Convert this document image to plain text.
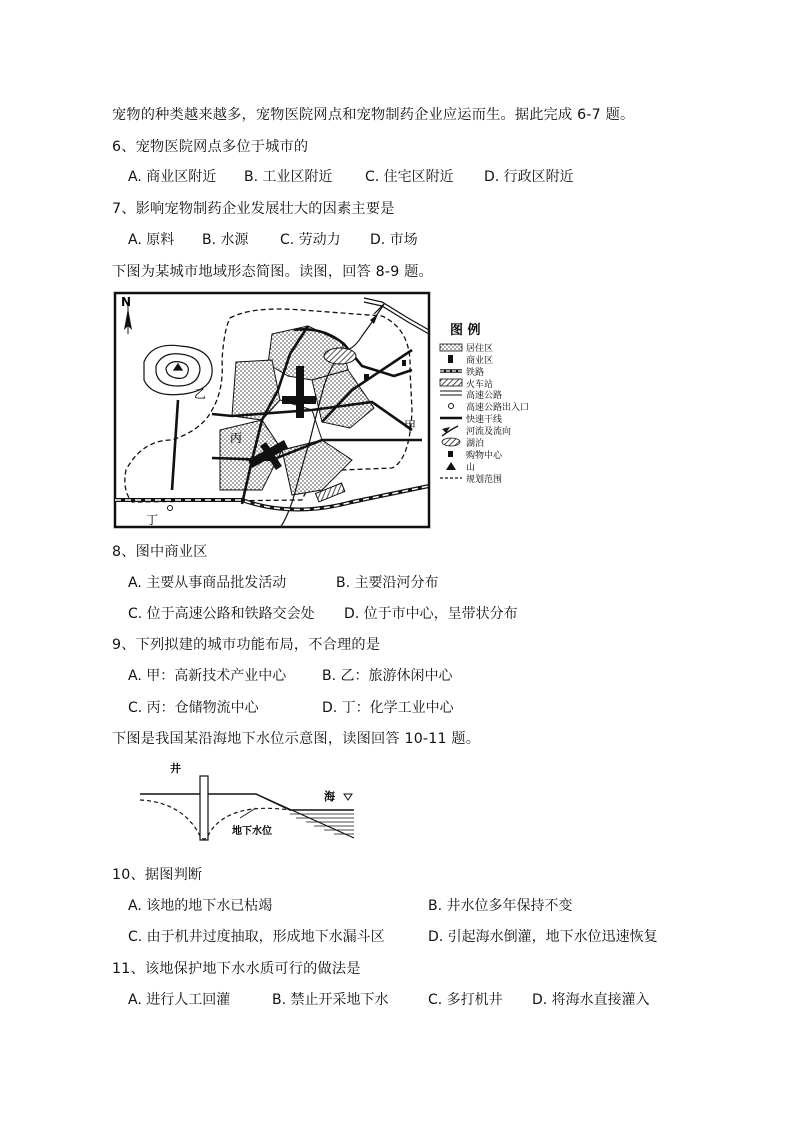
宠物的种类越来越多，宠物医院网点和宠物制药企业应运而生。据此完成 6-7 题。
6、宠物医院网点多位于城市的
A. 商业区附近 B. 工业区附近 C. 住宅区附近 D. 行政区附近
7、影响宠物制药企业发展壮大的因素主要是
A. 原料 B. 水源 C. 劳动力 D. 市场
下图为某城市地域形态简图。读图，回答 8-9 题。
N
甲
乙
丙
丁
图 例
居住区
商业区
铁路
火车站
高速公路
高速公路出入口
快速干线
河流及流向
湖泊
购物中心
山
规划范围
8、图中商业区
A. 主要从事商品批发活动	B. 主要沿河分布
C. 位于高速公路和铁路交会处 D. 位于市中心，呈带状分布
9、下列拟建的城市功能布局，不合理的是
A. 甲：高新技术产业中心	B. 乙：旅游休闲中心
C. 丙：仓储物流中心	D. 丁：化学工业中心
下图是我国某沿海地下水位示意图，读图回答 10-11 题。
井
海
地下水位
10、据图判断
A. 该地的地下水已枯竭	B. 井水位多年保持不变
C. 由于机井过度抽取，形成地下水漏斗区	D. 引起海水倒灌，地下水位迅速恢复
11、该地保护地下水水质可行的做法是
A. 进行人工回灌	B. 禁止开采地下水	C. 多打机井 D. 将海水直接灌入
